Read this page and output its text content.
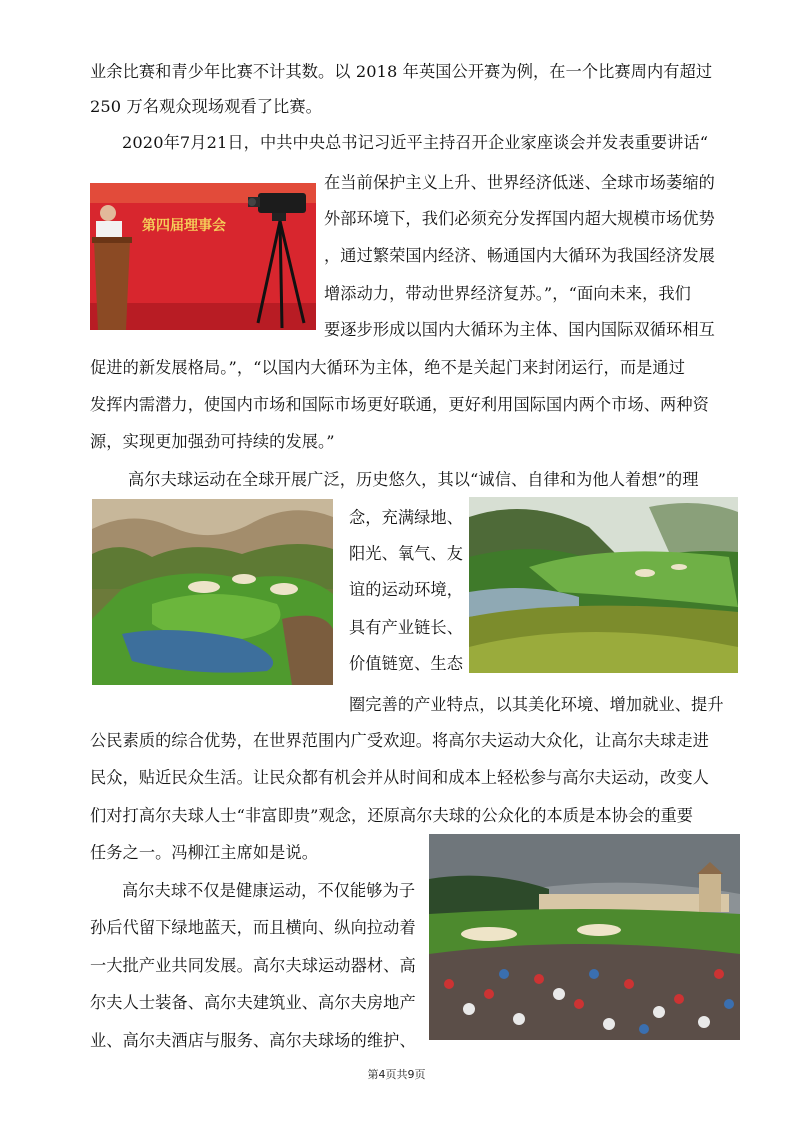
业余比赛和青少年比赛不计其数。以 2018 年英国公开赛为例，在一个比赛周内有超过
250 万名观众现场观看了比赛。
2020年7月21日，中共中央总书记习近平主持召开企业家座谈会并发表重要讲话“
在当前保护主义上升、世界经济低迷、全球市场萎缩的
外部环境下，我们必须充分发挥国内超大规模市场优势
，通过繁荣国内经济、畅通国内大循环为我国经济发展
增添动力，带动世界经济复苏。”，“面向未来，我们
要逐步形成以国内大循环为主体、国内国际双循环相互
促进的新发展格局。”，“以国内大循环为主体，绝不是关起门来封闭运行，而是通过
发挥内需潜力，使国内市场和国际市场更好联通，更好利用国际国内两个市场、两种资
源，实现更加强劲可持续的发展。”
高尔夫球运动在全球开展广泛，历史悠久，其以“诚信、自律和为他人着想”的理
念，充满绿地、
阳光、氧气、友
谊的运动环境，
具有产业链长、
价值链宽、生态
圈完善的产业特点，以其美化环境、增加就业、提升
公民素质的综合优势，在世界范围内广受欢迎。将高尔夫运动大众化，让高尔夫球走进
民众，贴近民众生活。让民众都有机会并从时间和成本上轻松参与高尔夫运动，改变人
们对打高尔夫球人士“非富即贵”观念，还原高尔夫球的公众化的本质是本协会的重要
任务之一。冯柳江主席如是说。
高尔夫球不仅是健康运动，不仅能够为子
孙后代留下绿地蓝天，而且横向、纵向拉动着
一大批产业共同发展。高尔夫球运动器材、高
尔夫人士装备、高尔夫建筑业、高尔夫房地产
业、高尔夫酒店与服务、高尔夫球场的维护、
第四届理事会
第4页共9页
